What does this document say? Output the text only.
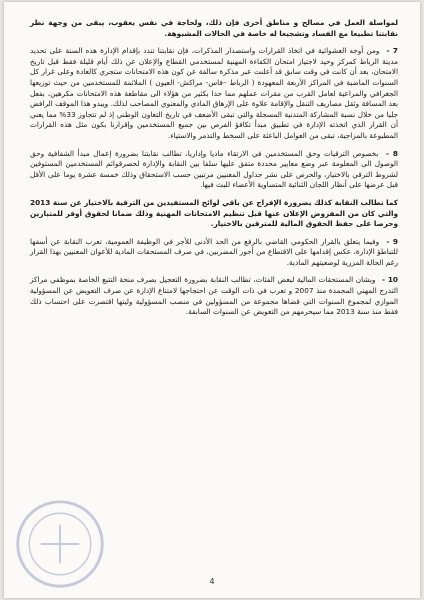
لمواصلة العمل في مصالح و مناطق أخرى فإن ذلك، ولحاجة في نفس يعقوب، يبقى من وجهة نظر نقابتنا تطبيعا مع الفساد وتشجيعا له خاصة في الحالات المشبوهة.

7 - ومن أوجه العشوائية في اتخاذ القرارات واستصدار المذكرات، فإن نقابتنا تندد بإقدام الإدارة هذه السنة على تحديد مدينة الرباط كمركز وحيد لاجتياز امتحان الكفاءة المهنية لمستخدمي القطاع والإعلان عن ذلك أيام قليلة فقط قبل تاريخ الامتحان، بعد أن كانت في وقت سابق قد أعلنت عبر مذكرة سالفة عن كون هذه الامتحانات ستجري كالعادة وعلى غرار كل السنوات الماضية في المراكز الأربعة المعهودة ( الرباط –فاس- مراكش- العيون ) الملائمة للمستخدمين من حيث توزيعها الجغرافي والمراعية لعامل القرب من مقرات عملهم مما حدا بكثير من هؤلاء الى مقاطعة هذه الامتحانات مكرهين، بفعل بعد المسافة وثقل مصاريف التنقل والإقامة علاوة على الإرهاق المادي والمعنوي المصاحب لذلك. ويبدو هذا الموقف الرافض جليا من خلال نسبة المشاركة المتدنية المسجلة والتي تبقى الأضعف في تاريخ التعاون الوطني إذ لم تتجاوز 33% مما يعني أن القرار الذي اتخذته الإدارة في تطبيق مبدأ تكافؤ الفرص بين جميع المستخدمين وإقرارنا بكون مثل هذه القرارات المطبوعة بالمزاجية، تبقى من العوامل الباعثة على السخط والتذمر والاستياء.

8 - بخصوص الترقيات وحق المستخدمين في الارتقاء ماديا وإداريا، تطالب نقابتنا بضرورة إعمال مبدأ الشفافية وحق الوصول الى المعلومة عبر وضع معايير محددة متفق عليها سلفا بين النقابة والإدارة لحصرقوائم المستخدمين المستوفين لشروط الترقي بالاختيار، والحرص على نشر جداول المعنيين مرتبين حسب الاستحقاق وذلك خمسة عشرة يوما على الأقل قبل عرضها على أنظار اللجان الثنائية المتساوية الأعضاء للبث فيها.

كما تطالب النقابة كذلك بضرورة الإفراج عن باقي لوائح المستفيدين من الترقية بالاختيار عن سنة 2013 والتي كان من المفروض الإعلان عنها قبل تنظيم الامتحانات المهنية وذلك ضمانا لحقوق أوفر للمتبارين وحرصا على حفظ الحقوق المالية للمترقين بالاختيار.

9 - وفيما يتعلق بالقرار الحكومي القاضي بالرفع من الحد الأدنى للأجر في الوظيفة العمومية، تعرب النقابة عن أسفها للتباطؤ الإدارة، عكس إقدامها على الاقتطاع من أجور المضربين، في صرف المستحقات المادية للأعوان المعنيين بهذا القرار رغم الحالة المزرية لوضعيتهم المادية.

10 - وبشان المستحقات المالية لبعض الفئات، تطالب النقابة بضرورة التعجيل بصرف منحة التتبع الخاصة بموظفي مراكز التدرج المهني المجمدة منذ 2007 و تعرب في ذات الوقت عن احتجاجها لامتناع الإدارة عن صرف التعويض عن المسؤولية الموازي لمجموع السنوات التي قضاها مجموعة من المسؤولين في منصب المسؤولية وليتها اقتصرت على احتساب ذلك فقط منذ سنة 2013 مما سيحرمهم من التعويض عن السنوات السابقة.

4
